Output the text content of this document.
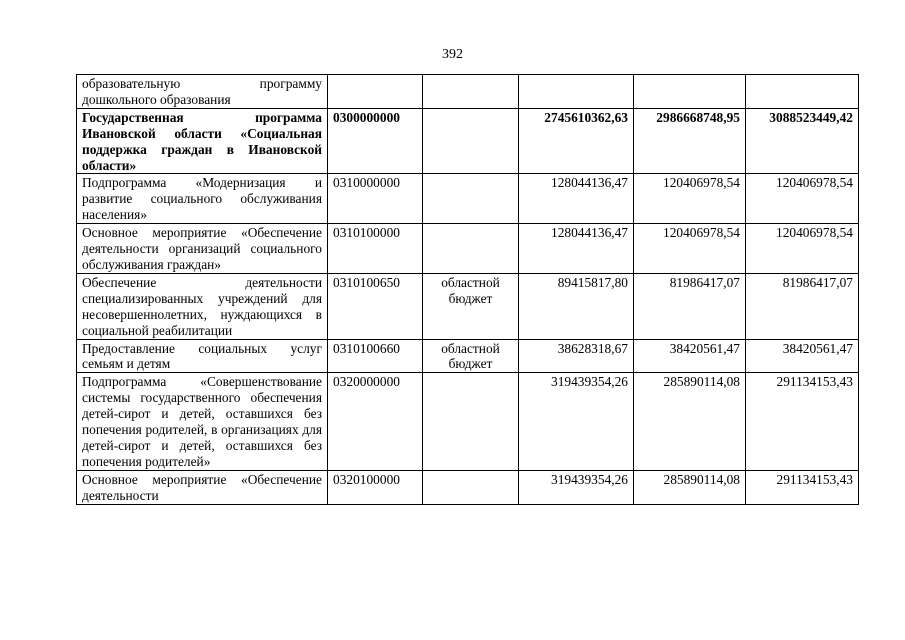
392
образовательную программу дошкольного образования					
Государственная программа Ивановской области «Социальная поддержка граждан в Ивановской области»	0300000000		2745610362,63	2986668748,95	3088523449,42
Подпрограмма «Модернизация и развитие социального обслуживания населения»	0310000000		128044136,47	120406978,54	120406978,54
Основное мероприятие «Обеспечение деятельности организаций социального обслуживания граждан»	0310100000		128044136,47	120406978,54	120406978,54
Обеспечение деятельности специализированных учреждений для несовершеннолетних, нуждающихся в социальной реабилитации	0310100650	областной бюджет	89415817,80	81986417,07	81986417,07
Предоставление социальных услуг семьям и детям	0310100660	областной бюджет	38628318,67	38420561,47	38420561,47
Подпрограмма «Совершенствование системы государственного обеспечения детей-сирот и детей, оставшихся без попечения родителей, в организациях для детей-сирот и детей, оставшихся без попечения родителей»	0320000000		319439354,26	285890114,08	291134153,43
Основное мероприятие «Обеспечение деятельности	0320100000		319439354,26	285890114,08	291134153,43
